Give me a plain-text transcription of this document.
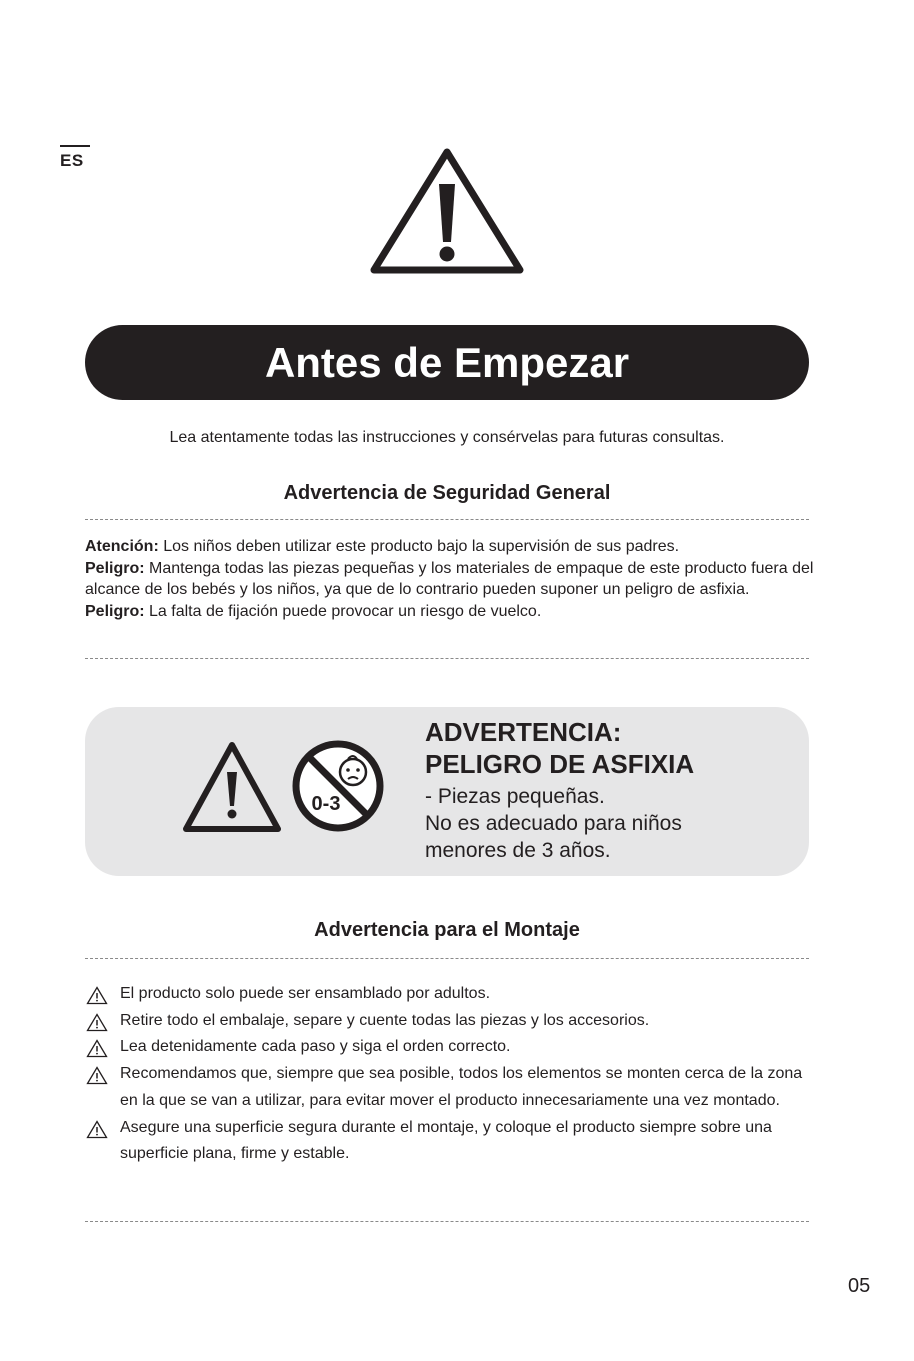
ES
Antes de Empezar
Lea atentamente todas las instrucciones y consérvelas para futuras consultas.
Advertencia de Seguridad General

Atención: Los niños deben utilizar este producto bajo la supervisión de sus padres.

Peligro: Mantenga todas las piezas pequeñas y los materiales de empaque de este producto fuera del alcance de los bebés y los niños, ya que de lo contrario pueden suponer un peligro de asfixia.

Peligro: La falta de fijación puede provocar un riesgo de vuelco.

0-3
ADVERTENCIA:
PELIGRO DE ASFIXIA
- Piezas pequeñas.
No es adecuado para niños
menores de 3 años.
Advertencia para el Montaje
El producto solo puede ser ensamblado por adultos.
Retire todo el embalaje, separe y cuente todas las piezas y los accesorios.
Lea detenidamente cada paso y siga el orden correcto.
Recomendamos que, siempre que sea posible, todos los elementos se monten cerca de la zona en la que se van a utilizar, para evitar mover el producto innecesariamente una vez montado.
Asegure una superficie segura durante el montaje, y coloque el producto siempre sobre una superficie plana, firme y estable.
05
